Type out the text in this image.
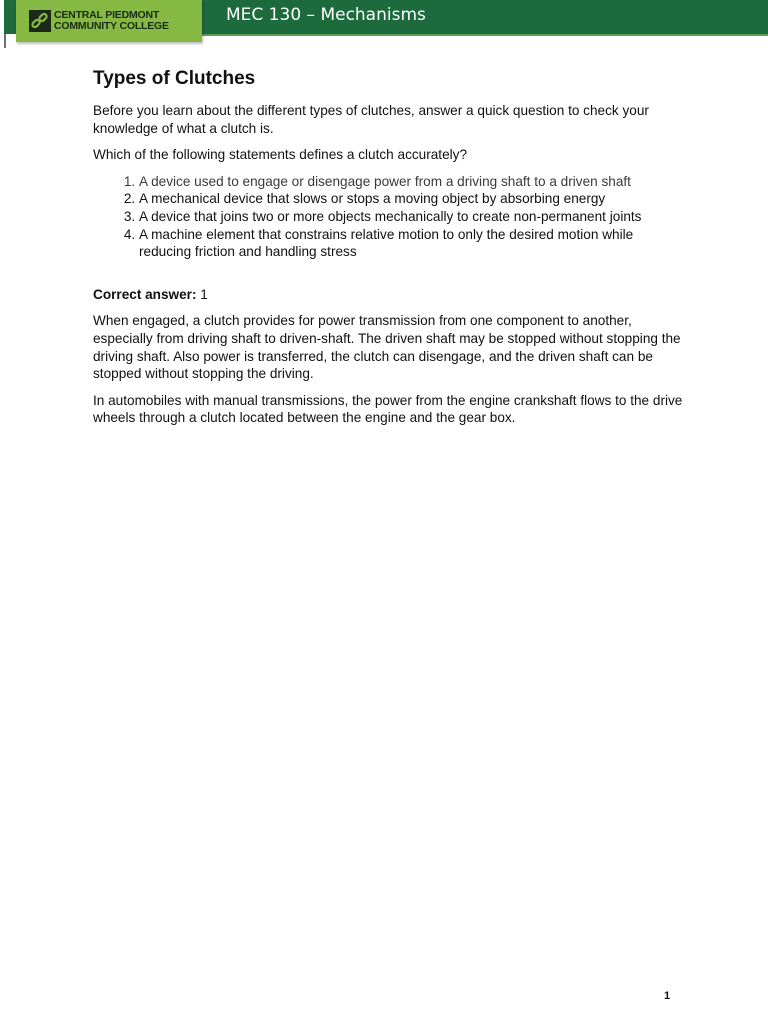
CENTRAL PIEDMONT
COMMUNITY COLLEGE
MEC 130 – Mechanisms
Types of Clutches

Before you learn about the different types of clutches, answer a quick question to check your knowledge of what a clutch is.

Which of the following statements defines a clutch accurately?

1. A device used to engage or disengage power from a driving shaft to a driven shaft
2. A mechanical device that slows or stops a moving object by absorbing energy
3. A device that joins two or more objects mechanically to create non-permanent joints
4. A machine element that constrains relative motion to only the desired motion while reducing friction and handling stress

Correct answer: 1

When engaged, a clutch provides for power transmission from one component to another, especially from driving shaft to driven-shaft. The driven shaft may be stopped without stopping the driving shaft. Also power is transferred, the clutch can disengage, and the driven shaft can be stopped without stopping the driving.

In automobiles with manual transmissions, the power from the engine crankshaft flows to the drive wheels through a clutch located between the engine and the gear box.

1
